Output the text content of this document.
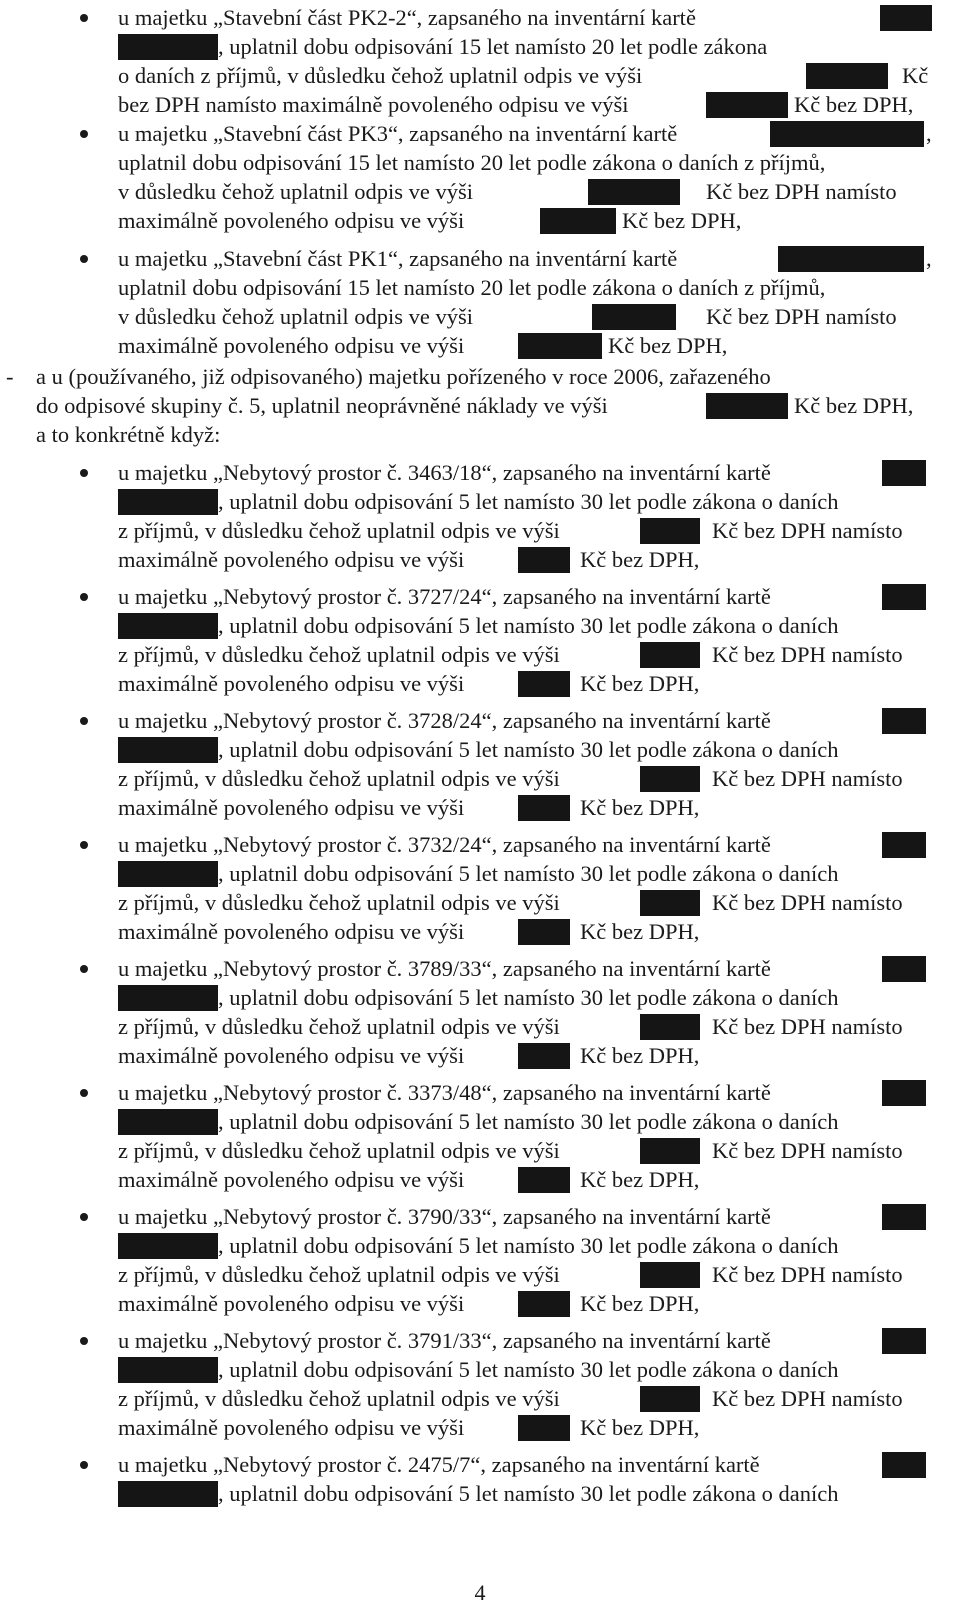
u majetku „Stavební část PK2-2“, zapsaného na inventární kartě
, uplatnil dobu odpisování 15 let namísto 20 let podle zákona
o daních z příjmů, v důsledku čehož uplatnil odpis ve výši	Kč
bez DPH namísto maximálně povoleného odpisu ve výši	Kč bez DPH,
u majetku „Stavební část PK3“, zapsaného na inventární kartě	,
uplatnil dobu odpisování 15 let namísto 20 let podle zákona o daních z příjmů,
v důsledku čehož uplatnil odpis ve výši	Kč bez DPH namísto
maximálně povoleného odpisu ve výši	Kč bez DPH,
u majetku „Stavební část PK1“, zapsaného na inventární kartě	,
uplatnil dobu odpisování 15 let namísto 20 let podle zákona o daních z příjmů,
v důsledku čehož uplatnil odpis ve výši	Kč bez DPH namísto
maximálně povoleného odpisu ve výši	Kč bez DPH,
- a u (používaného, již odpisovaného) majetku pořízeného v roce 2006, zařazeného
do odpisové skupiny č. 5, uplatnil neoprávněné náklady ve výši	Kč bez DPH,
a to konkrétně když:
u majetku „Nebytový prostor č. 3463/18“, zapsaného na inventární kartě
, uplatnil dobu odpisování 5 let namísto 30 let podle zákona o daních
z příjmů, v důsledku čehož uplatnil odpis ve výši	Kč bez DPH namísto
maximálně povoleného odpisu ve výši	Kč bez DPH,
u majetku „Nebytový prostor č. 3727/24“, zapsaného na inventární kartě
, uplatnil dobu odpisování 5 let namísto 30 let podle zákona o daních
z příjmů, v důsledku čehož uplatnil odpis ve výši	Kč bez DPH namísto
maximálně povoleného odpisu ve výši	Kč bez DPH,
u majetku „Nebytový prostor č. 3728/24“, zapsaného na inventární kartě
, uplatnil dobu odpisování 5 let namísto 30 let podle zákona o daních
z příjmů, v důsledku čehož uplatnil odpis ve výši	Kč bez DPH namísto
maximálně povoleného odpisu ve výši	Kč bez DPH,
u majetku „Nebytový prostor č. 3732/24“, zapsaného na inventární kartě
, uplatnil dobu odpisování 5 let namísto 30 let podle zákona o daních
z příjmů, v důsledku čehož uplatnil odpis ve výši	Kč bez DPH namísto
maximálně povoleného odpisu ve výši	Kč bez DPH,
u majetku „Nebytový prostor č. 3789/33“, zapsaného na inventární kartě
, uplatnil dobu odpisování 5 let namísto 30 let podle zákona o daních
z příjmů, v důsledku čehož uplatnil odpis ve výši	Kč bez DPH namísto
maximálně povoleného odpisu ve výši	Kč bez DPH,
u majetku „Nebytový prostor č. 3373/48“, zapsaného na inventární kartě
, uplatnil dobu odpisování 5 let namísto 30 let podle zákona o daních
z příjmů, v důsledku čehož uplatnil odpis ve výši	Kč bez DPH namísto
maximálně povoleného odpisu ve výši	Kč bez DPH,
u majetku „Nebytový prostor č. 3790/33“, zapsaného na inventární kartě
, uplatnil dobu odpisování 5 let namísto 30 let podle zákona o daních
z příjmů, v důsledku čehož uplatnil odpis ve výši	Kč bez DPH namísto
maximálně povoleného odpisu ve výši	Kč bez DPH,
u majetku „Nebytový prostor č. 3791/33“, zapsaného na inventární kartě
, uplatnil dobu odpisování 5 let namísto 30 let podle zákona o daních
z příjmů, v důsledku čehož uplatnil odpis ve výši	Kč bez DPH namísto
maximálně povoleného odpisu ve výši	Kč bez DPH,
u majetku „Nebytový prostor č. 2475/7“, zapsaného na inventární kartě
, uplatnil dobu odpisování 5 let namísto 30 let podle zákona o daních
4
